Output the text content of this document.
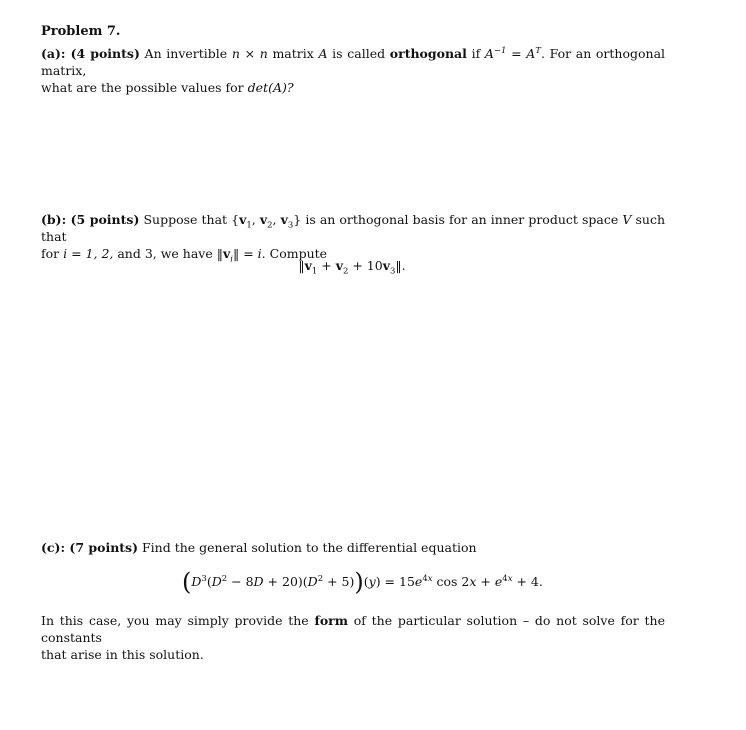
Problem 7.
(a): (4 points) An invertible n × n matrix A is called orthogonal if $A^{-1} = A^T$. For an orthogonal matrix,
what are the possible values for det(A)?
(b): (5 points) Suppose that {$v_1$, $v_2$, $v_3$} is an orthogonal basis for an inner product space V such that
for i = 1, 2, and 3, we have $‖v_i‖ = i$. Compute
$‖v_1 + v_2$ + $10v_3‖$.
(c): (7 points) Find the general solution to the differential equation
$(D^3(D^2 - 8D + 20)(D^2 + 5))(y) = 15e^{4x}$ $\cos 2x + e^{4x} + 4$.
In this case, you may simply provide the form of the particular solution – do not solve for the constants
that arise in this solution.
